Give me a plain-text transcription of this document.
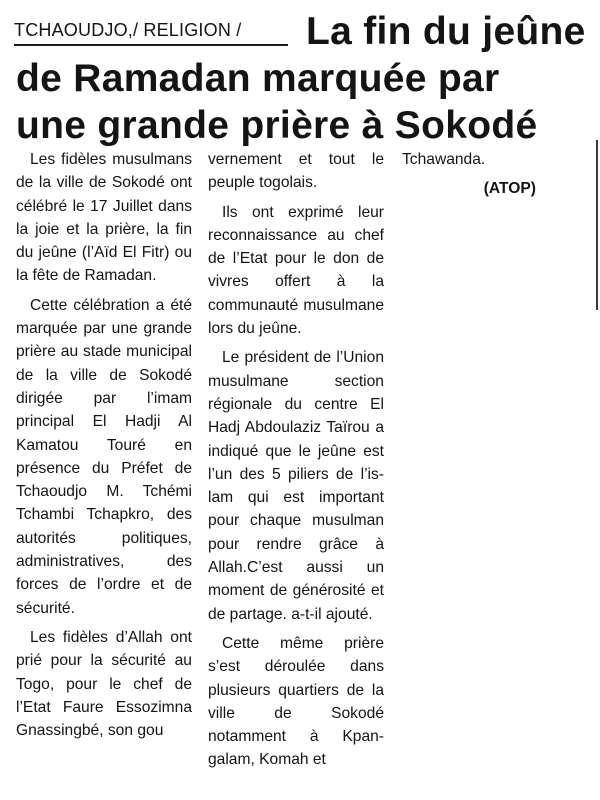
TCHAOUDJO,/ RELIGION /	La fin du jeûne
de Ramadan marquée par
une grande prière à Sokodé

Les fidèles musulmans de la ville de Sokodé ont célébré le 17 Juillet dans la joie et la prière, la fin du jeûne (l’Aïd El Fitr) ou la fête de Ramadan.

Cette célébration a été marquée par une grande prière au stade municipal de la ville de Sokodé dirigée par l’imam principal El Hadji Al Kamatou Touré en présence du Préfet de Tchaoudjo M. Tchémi Tchambi Tchapkro, des autorités politiques, administratives, des forces de l’ordre et de sécurité.

Les fidèles d’Allah ont prié pour la sécurité au Togo, pour le chef de l’Etat Faure Essozimna Gnassingbé, son gou

vernement et tout le peuple togolais.

Ils ont exprimé leur reconnaissance au chef de l’Etat pour le don de vivres offert à la communauté musulmane lors du jeûne.

Le président de l’Union musulmane section régionale du centre El Hadj Abdoulaziz Taïrou a indiqué que le jeûne est l’un des 5 piliers de l’islam qui est important pour chaque musulman pour rendre grâce à Allah.C’est aussi un moment de générosité et de partage. a-t-il ajouté.

Cette même prière s’est déroulée dans plusieurs quartiers de la ville de Sokodé notamment à Kpangalam, Komah et

Tchawanda.

(ATOP)
